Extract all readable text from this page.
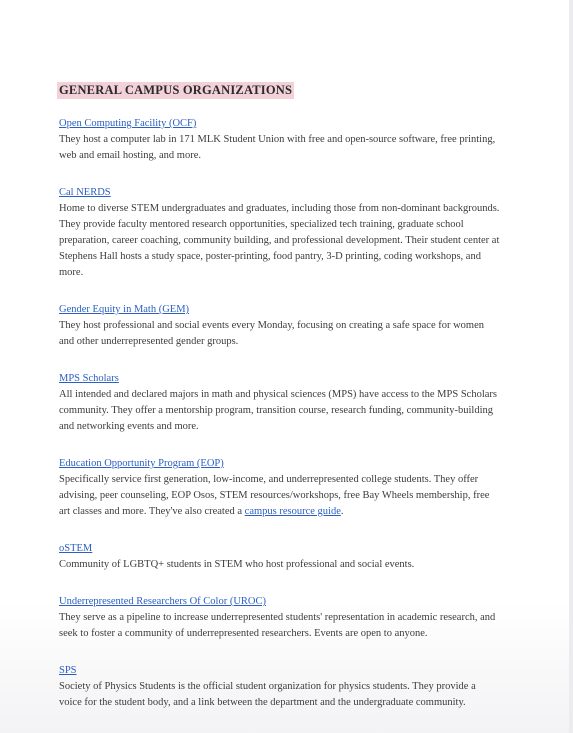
GENERAL CAMPUS ORGANIZATIONS
Open Computing Facility (OCF)

They host a computer lab in 171 MLK Student Union with free and open-source software, free printing, web and email hosting, and more.

Cal NERDS

Home to diverse STEM undergraduates and graduates, including those from non-dominant backgrounds. They provide faculty mentored research opportunities, specialized tech training, graduate school preparation, career coaching, community building, and professional development. Their student center at Stephens Hall hosts a study space, poster-printing, food pantry, 3-D printing, coding workshops, and more.

Gender Equity in Math (GEM)

They host professional and social events every Monday, focusing on creating a safe space for women and other underrepresented gender groups.

MPS Scholars

All intended and declared majors in math and physical sciences (MPS) have access to the MPS Scholars community. They offer a mentorship program, transition course, research funding, community-building and networking events and more.

Education Opportunity Program (EOP)

Specifically service first generation, low-income, and underrepresented college students. They offer advising, peer counseling, EOP Osos, STEM resources/workshops, free Bay Wheels membership, free art classes and more. They've also created a campus resource guide.

oSTEM

Community of LGBTQ+ students in STEM who host professional and social events.

Underrepresented Researchers Of Color (UROC)

They serve as a pipeline to increase underrepresented students' representation in academic research, and seek to foster a community of underrepresented researchers. Events are open to anyone.

SPS

Society of Physics Students is the official student organization for physics students. They provide a voice for the student body, and a link between the department and the undergraduate community.
